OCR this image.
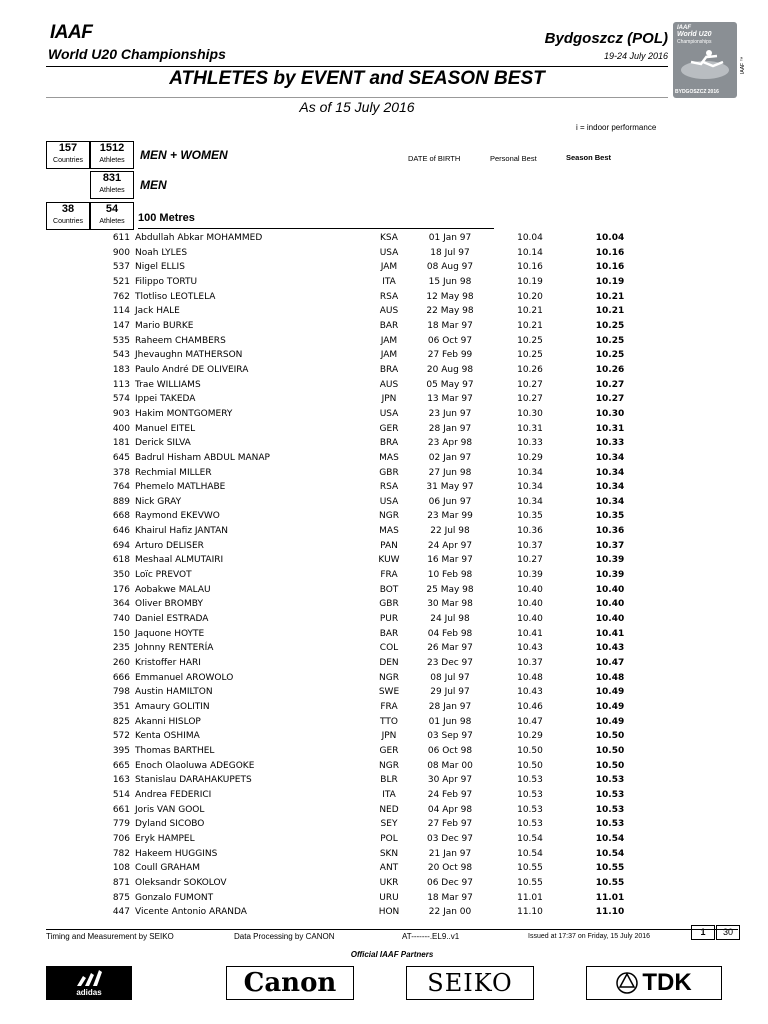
IAAF
World U20 Championships
Bydgoszcz (POL)
19-24 July 2016
ATHLETES by EVENT and SEASON BEST
As of 15 July 2016
IAAF
World U20
Championships
BYDGOSZCZ 2016
IAAF ™
i = indoor performance
157
Countries
1512
Athletes	MEN + WOMEN	DATE of BIRTH	Personal Best	Season Best
831
Athletes	MEN
38
Countries
54
Athletes	100 Metres
611	Abdullah Abkar MOHAMMED	KSA	01 Jan 97	10.04	10.04
900	Noah LYLES	USA	18 Jul 97	10.14	10.16
537	Nigel ELLIS	JAM	08 Aug 97	10.16	10.16
521	Filippo TORTU	ITA	15 Jun 98	10.19	10.19
762	Tlotliso LEOTLELA	RSA	12 May 98	10.20	10.21
114	Jack HALE	AUS	22 May 98	10.21	10.21
147	Mario BURKE	BAR	18 Mar 97	10.21	10.25
535	Raheem CHAMBERS	JAM	06 Oct 97	10.25	10.25
543	Jhevaughn MATHERSON	JAM	27 Feb 99	10.25	10.25
183	Paulo André DE OLIVEIRA	BRA	20 Aug 98	10.26	10.26
113	Trae WILLIAMS	AUS	05 May 97	10.27	10.27
574	Ippei TAKEDA	JPN	13 Mar 97	10.27	10.27
903	Hakim MONTGOMERY	USA	23 Jun 97	10.30	10.30
400	Manuel EITEL	GER	28 Jan 97	10.31	10.31
181	Derick SILVA	BRA	23 Apr 98	10.33	10.33
645	Badrul Hisham ABDUL MANAP	MAS	02 Jan 97	10.29	10.34
378	Rechmial MILLER	GBR	27 Jun 98	10.34	10.34
764	Phemelo MATLHABE	RSA	31 May 97	10.34	10.34
889	Nick GRAY	USA	06 Jun 97	10.34	10.34
668	Raymond EKEVWO	NGR	23 Mar 99	10.35	10.35
646	Khairul Hafiz JANTAN	MAS	22 Jul 98	10.36	10.36
694	Arturo DELISER	PAN	24 Apr 97	10.37	10.37
618	Meshaal ALMUTAIRI	KUW	16 Mar 97	10.27	10.39
350	Loïc PREVOT	FRA	10 Feb 98	10.39	10.39
176	Aobakwe MALAU	BOT	25 May 98	10.40	10.40
364	Oliver BROMBY	GBR	30 Mar 98	10.40	10.40
740	Daniel ESTRADA	PUR	24 Jul 98	10.40	10.40
150	Jaquone HOYTE	BAR	04 Feb 98	10.41	10.41
235	Johnny RENTERÍA	COL	26 Mar 97	10.43	10.43
260	Kristoffer HARI	DEN	23 Dec 97	10.37	10.47
666	Emmanuel AROWOLO	NGR	08 Jul 97	10.48	10.48
798	Austin HAMILTON	SWE	29 Jul 97	10.43	10.49
351	Amaury GOLITIN	FRA	28 Jan 97	10.46	10.49
825	Akanni HISLOP	TTO	01 Jun 98	10.47	10.49
572	Kenta OSHIMA	JPN	03 Sep 97	10.29	10.50
395	Thomas BARTHEL	GER	06 Oct 98	10.50	10.50
665	Enoch Olaoluwa ADEGOKE	NGR	08 Mar 00	10.50	10.50
163	Stanislau DARAHAKUPETS	BLR	30 Apr 97	10.53	10.53
514	Andrea FEDERICI	ITA	24 Feb 97	10.53	10.53
661	Joris VAN GOOL	NED	04 Apr 98	10.53	10.53
779	Dyland SICOBO	SEY	27 Feb 97	10.53	10.53
706	Eryk HAMPEL	POL	03 Dec 97	10.54	10.54
782	Hakeem HUGGINS	SKN	21 Jan 97	10.54	10.54
108	Coull GRAHAM	ANT	20 Oct 98	10.55	10.55
871	Oleksandr SOKOLOV	UKR	06 Dec 97	10.55	10.55
875	Gonzalo FUMONT	URU	18 Mar 97	11.01	11.01
447	Vicente Antonio ARANDA	HON	22 Jan 00	11.10	11.10
Timing and Measurement by SEIKO	Data Processing by CANON	AT-------.EL9..v1	Issued at 17:37 on Friday, 15 July 2016	1	30
Official IAAF Partners
adidas	Canon	SEIKO	TDK
